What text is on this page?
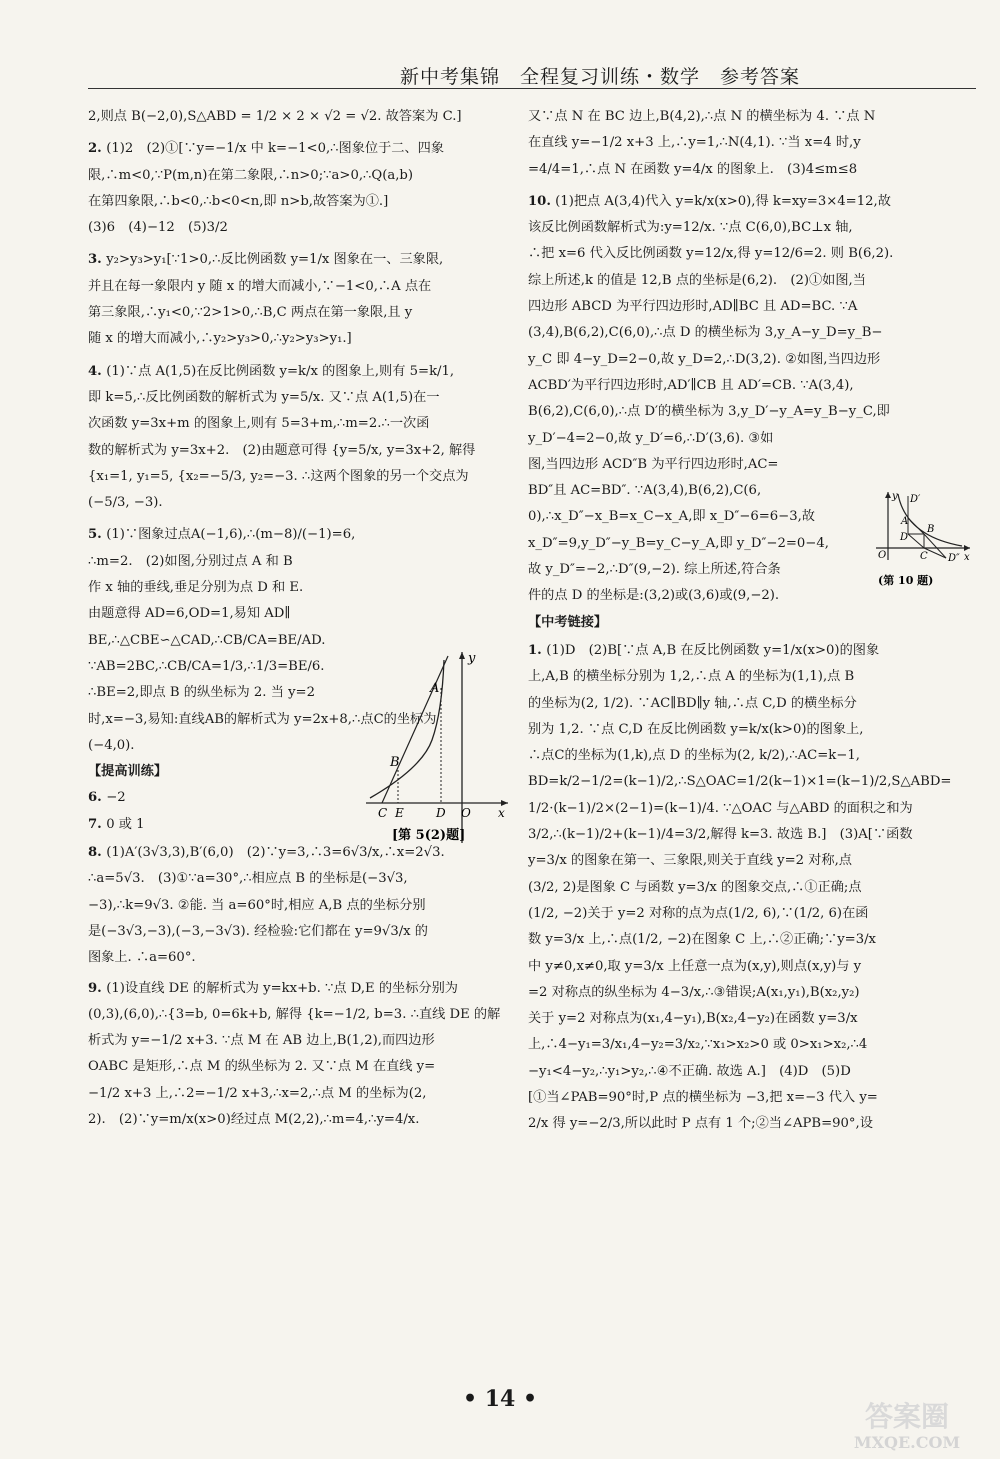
新中考集锦　全程复习训练・数学　参考答案

2,则点 B(−2,0),S△ABD = 1/2 × 2 × √2 = √2. 故答案为 C.]

2. (1)2　(2)①[∵y=−1/x 中 k=−1<0,∴图象位于二、四象

限,∴m<0,∵P(m,n)在第二象限,∴n>0;∵a>0,∴Q(a,b)

在第四象限,∴b<0,∴b<0<n,即 n>b,故答案为①.]

(3)6　(4)−12　(5)3/2

3. y₂>y₃>y₁[∵1>0,∴反比例函数 y=1/x 图象在一、三象限,

并且在每一象限内 y 随 x 的增大而减小,∵−1<0,∴A 点在

第三象限,∴y₁<0,∵2>1>0,∴B,C 两点在第一象限,且 y

随 x 的增大而减小,∴y₂>y₃>0,∴y₂>y₃>y₁.]

4. (1)∵点 A(1,5)在反比例函数 y=k/x 的图象上,则有 5=k/1,

即 k=5,∴反比例函数的解析式为 y=5/x. 又∵点 A(1,5)在一

次函数 y=3x+m 的图象上,则有 5=3+m,∴m=2.∴一次函

数的解析式为 y=3x+2.　(2)由题意可得 {y=5/x, y=3x+2, 解得

{x₁=1, y₁=5, {x₂=−5/3, y₂=−3. ∴这两个图象的另一个交点为

(−5/3, −3).

5. (1)∵图象过点A(−1,6),∴(m−8)/(−1)=6,

∴m=2.　(2)如图,分别过点 A 和 B

作 x 轴的垂线,垂足分别为点 D 和 E.

由题意得 AD=6,OD=1,易知 AD∥

BE,∴△CBE∽△CAD,∴CB/CA=BE/AD.

∵AB=2BC,∴CB/CA=1/3,∴1/3=BE/6.

∴BE=2,即点 B 的纵坐标为 2. 当 y=2

时,x=−3,易知:直线AB的解析式为 y=2x+8,∴点C的坐标为

(−4,0).

【提高训练】

6. −2

7. 0 或 1

8. (1)A′(3√3,3),B′(6,0)　(2)∵y=3,∴3=6√3/x,∴x=2√3.

∴a=5√3.　(3)①∵a=30°,∴相应点 B 的坐标是(−3√3,

−3),∴k=9√3. ②能. 当 a=60°时,相应 A,B 点的坐标分别

是(−3√3,−3),(−3,−3√3). 经检验:它们都在 y=9√3/x 的

图象上. ∴a=60°.

9. (1)设直线 DE 的解析式为 y=kx+b. ∵点 D,E 的坐标分别为

(0,3),(6,0),∴{3=b, 0=6k+b, 解得 {k=−1/2, b=3. ∴直线 DE 的解

析式为 y=−1/2 x+3. ∵点 M 在 AB 边上,B(1,2),而四边形

OABC 是矩形,∴点 M 的纵坐标为 2. 又∵点 M 在直线 y=

−1/2 x+3 上,∴2=−1/2 x+3,∴x=2,∴点 M 的坐标为(2,

2).　(2)∵y=m/x(x>0)经过点 M(2,2),∴m=4,∴y=4/x.

又∵点 N 在 BC 边上,B(4,2),∴点 N 的横坐标为 4. ∵点 N

在直线 y=−1/2 x+3 上,∴y=1,∴N(4,1). ∵当 x=4 时,y

=4/4=1,∴点 N 在函数 y=4/x 的图象上.　(3)4≤m≤8

10. (1)把点 A(3,4)代入 y=k/x(x>0),得 k=xy=3×4=12,故

该反比例函数解析式为:y=12/x. ∵点 C(6,0),BC⊥x 轴,

∴把 x=6 代入反比例函数 y=12/x,得 y=12/6=2. 则 B(6,2).

综上所述,k 的值是 12,B 点的坐标是(6,2).　(2)①如图,当

四边形 ABCD 为平行四边形时,AD∥BC 且 AD=BC. ∵A

(3,4),B(6,2),C(6,0),∴点 D 的横坐标为 3,y_A−y_D=y_B−

y_C 即 4−y_D=2−0,故 y_D=2,∴D(3,2). ②如图,当四边形

ACBD′为平行四边形时,AD′∥CB 且 AD′=CB. ∵A(3,4),

B(6,2),C(6,0),∴点 D′的横坐标为 3,y_D′−y_A=y_B−y_C,即

y_D′−4=2−0,故 y_D′=6,∴D′(3,6). ③如

图,当四边形 ACD″B 为平行四边形时,AC=

BD″且 AC=BD″. ∵A(3,4),B(6,2),C(6,

0),∴x_D″−x_B=x_C−x_A,即 x_D″−6=6−3,故

x_D″=9,y_D″−y_B=y_C−y_A,即 y_D″−2=0−4,

故 y_D″=−2,∴D″(9,−2). 综上所述,符合条

件的点 D 的坐标是:(3,2)或(3,6)或(9,−2).

【中考链接】

1. (1)D　(2)B[∵点 A,B 在反比例函数 y=1/x(x>0)的图象

上,A,B 的横坐标分别为 1,2,∴点 A 的坐标为(1,1),点 B

的坐标为(2, 1/2). ∵AC∥BD∥y 轴,∴点 C,D 的横坐标分

别为 1,2. ∵点 C,D 在反比例函数 y=k/x(k>0)的图象上,

∴点C的坐标为(1,k),点 D 的坐标为(2, k/2),∴AC=k−1,

BD=k/2−1/2=(k−1)/2,∴S△OAC=1/2(k−1)×1=(k−1)/2,S△ABD=

1/2·(k−1)/2×(2−1)=(k−1)/4. ∵△OAC 与△ABD 的面积之和为

3/2,∴(k−1)/2+(k−1)/4=3/2,解得 k=3. 故选 B.]　(3)A[∵函数

y=3/x 的图象在第一、三象限,则关于直线 y=2 对称,点

(3/2, 2)是图象 C 与函数 y=3/x 的图象交点,∴①正确;点

(1/2, −2)关于 y=2 对称的点为点(1/2, 6),∵(1/2, 6)在函

数 y=3/x 上,∴点(1/2, −2)在图象 C 上,∴②正确;∵y=3/x

中 y≠0,x≠0,取 y=3/x 上任意一点为(x,y),则点(x,y)与 y

=2 对称点的纵坐标为 4−3/x,∴③错误;A(x₁,y₁),B(x₂,y₂)

关于 y=2 对称点为(x₁,4−y₁),B(x₂,4−y₂)在函数 y=3/x

上,∴4−y₁=3/x₁,4−y₂=3/x₂,∵x₁>x₂>0 或 0>x₁>x₂,∴4

−y₁<4−y₂,∴y₁>y₂,∴④不正确. 故选 A.]　(4)D　(5)D

[①当∠PAB=90°时,P 点的横坐标为 −3,把 x=−3 代入 y=

2/x 得 y=−2/3,所以此时 P 点有 1 个;②当∠APB=90°,设

y
A
B
C E	D O x
[第 5(2)题]
y D′
A
B
D
C D″
O	x
(第 10 题)
• 14 •
答案圈
MXQE.COM
